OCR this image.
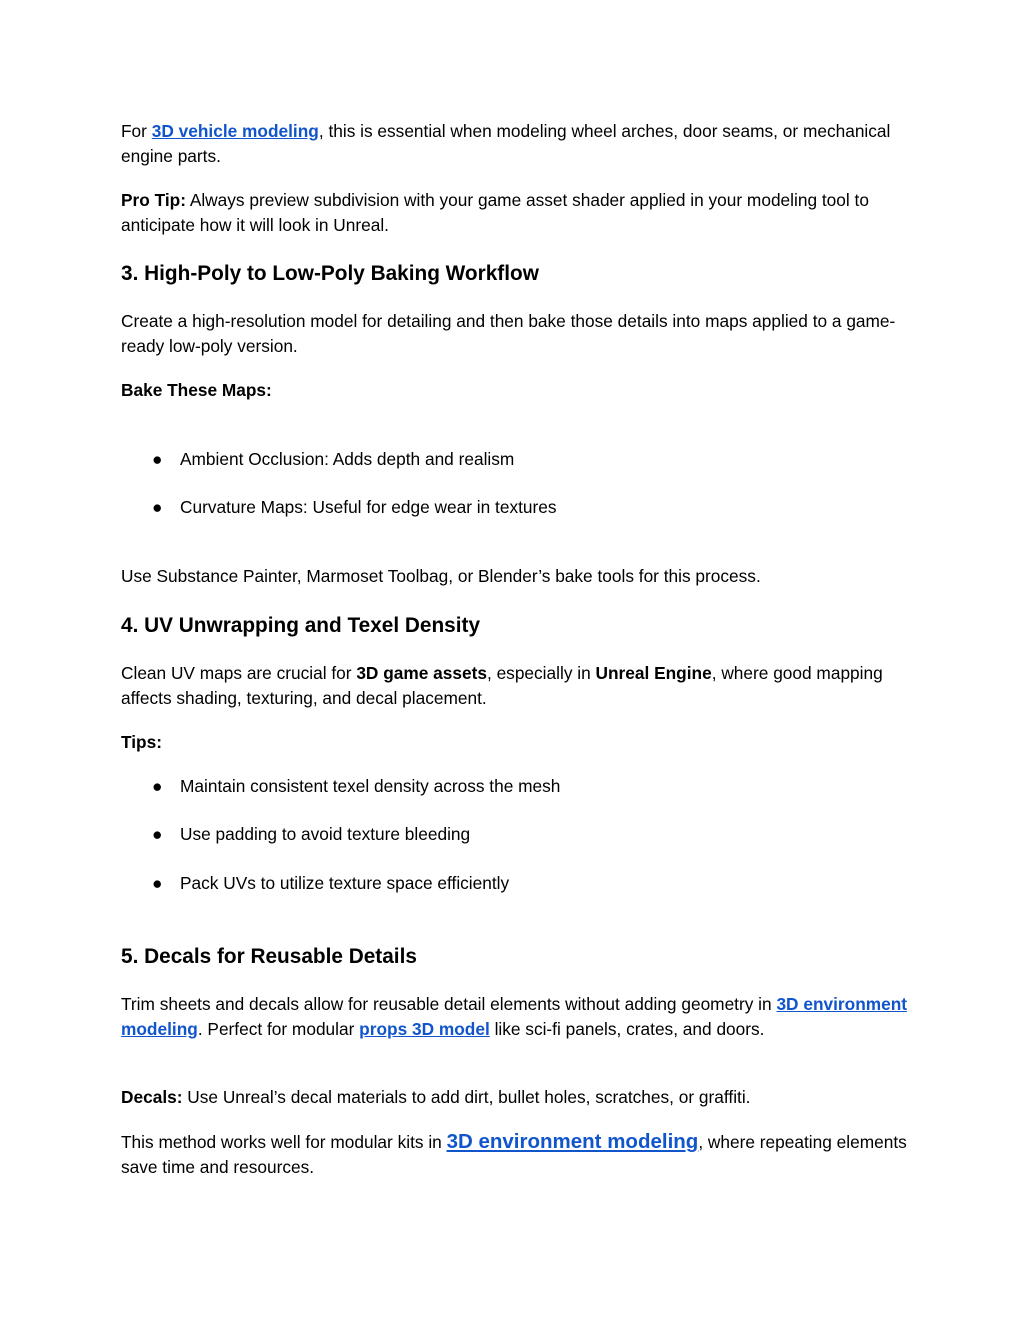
For 3D vehicle modeling, this is essential when modeling wheel arches, door seams, or mechanical engine parts.

Pro Tip: Always preview subdivision with your game asset shader applied in your modeling tool to anticipate how it will look in Unreal.

3. High-Poly to Low-Poly Baking Workflow

Create a high-resolution model for detailing and then bake those details into maps applied to a game-ready low-poly version.

Bake These Maps:

● Ambient Occlusion: Adds depth and realism

● Curvature Maps: Useful for edge wear in textures

Use Substance Painter, Marmoset Toolbag, or Blender’s bake tools for this process.

4. UV Unwrapping and Texel Density

Clean UV maps are crucial for 3D game assets, especially in Unreal Engine, where good mapping affects shading, texturing, and decal placement.

Tips:

● Maintain consistent texel density across the mesh

● Use padding to avoid texture bleeding

● Pack UVs to utilize texture space efficiently

5. Decals for Reusable Details

Trim sheets and decals allow for reusable detail elements without adding geometry in 3D environment modeling. Perfect for modular props 3D model like sci-fi panels, crates, and doors.

Decals: Use Unreal’s decal materials to add dirt, bullet holes, scratches, or graffiti.

This method works well for modular kits in 3D environment modeling, where repeating elements save time and resources.
